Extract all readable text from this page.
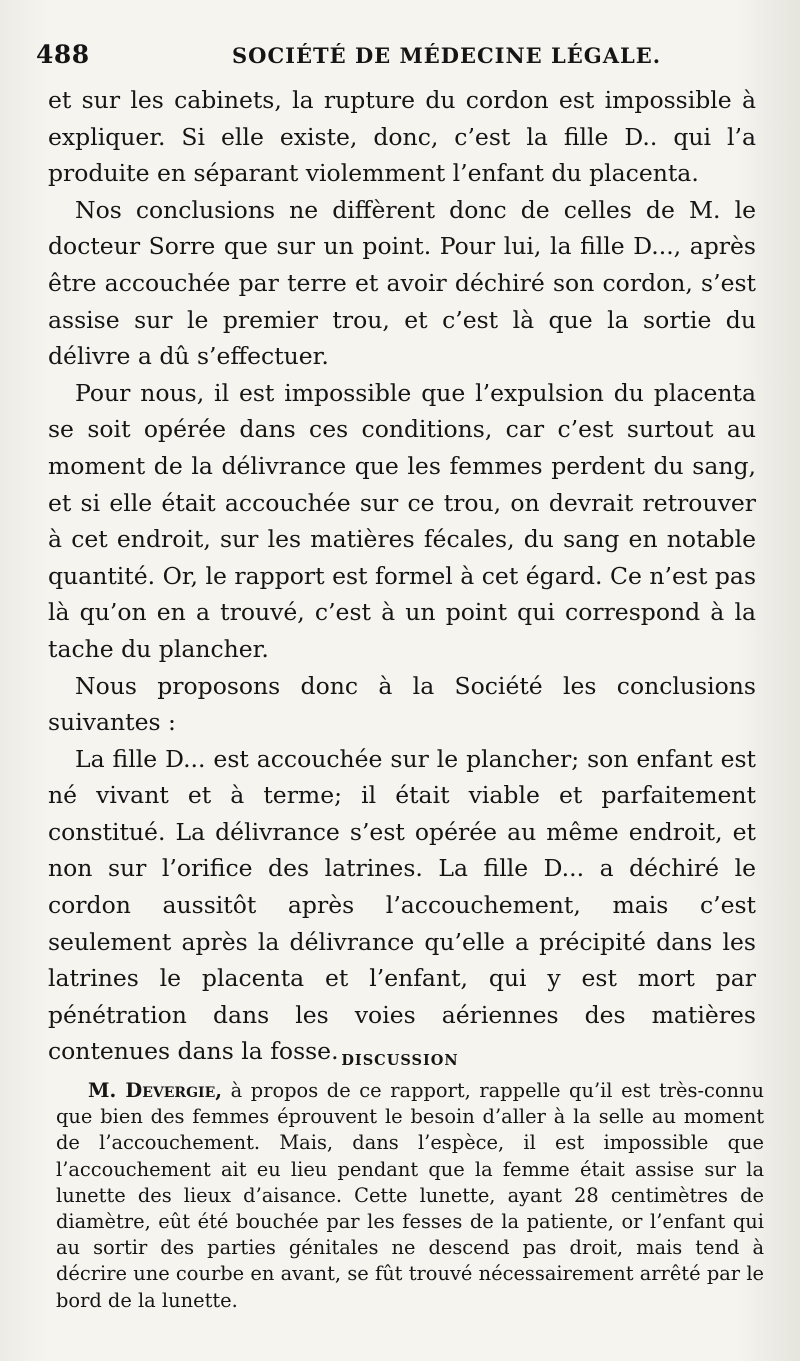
488	SOCIÉTÉ DE MÉDECINE LÉGALE.

et sur les cabinets, la rupture du cordon est impossible à expliquer. Si elle existe, donc, c’est la fille D.. qui l’a produite en séparant violemment l’enfant du placenta.

Nos conclusions ne diffèrent donc de celles de M. le docteur Sorre que sur un point. Pour lui, la fille D..., après être accouchée par terre et avoir déchiré son cordon, s’est assise sur le premier trou, et c’est là que la sortie du délivre a dû s’effectuer.

Pour nous, il est impossible que l’expulsion du placenta se soit opérée dans ces conditions, car c’est surtout au moment de la délivrance que les femmes perdent du sang, et si elle était accouchée sur ce trou, on devrait retrouver à cet endroit, sur les matières fécales, du sang en notable quantité. Or, le rapport est formel à cet égard. Ce n’est pas là qu’on en a trouvé, c’est à un point qui correspond à la tache du plancher.

Nous proposons donc à la Société les conclusions suivantes :

La fille D... est accouchée sur le plancher; son enfant est né vivant et à terme; il était viable et parfaitement constitué. La délivrance s’est opérée au même endroit, et non sur l’orifice des latrines. La fille D... a déchiré le cordon aussitôt après l’accouchement, mais c’est seulement après la délivrance qu’elle a précipité dans les latrines le placenta et l’enfant, qui y est mort par pénétration dans les voies aériennes des matières contenues dans la fosse. DISCUSSION

M. Devergie, à propos de ce rapport, rappelle qu’il est très-connu que bien des femmes éprouvent le besoin d’aller à la selle au moment de l’accouchement. Mais, dans l’espèce, il est impossible que l’accouchement ait eu lieu pendant que la femme était assise sur la lunette des lieux d’aisance. Cette lunette, ayant 28 centimètres de diamètre, eût été bouchée par les fesses de la patiente, or l’enfant qui au sortir des parties génitales ne descend pas droit, mais tend à décrire une courbe en avant, se fût trouvé nécessairement arrêté par le bord de la lunette.
